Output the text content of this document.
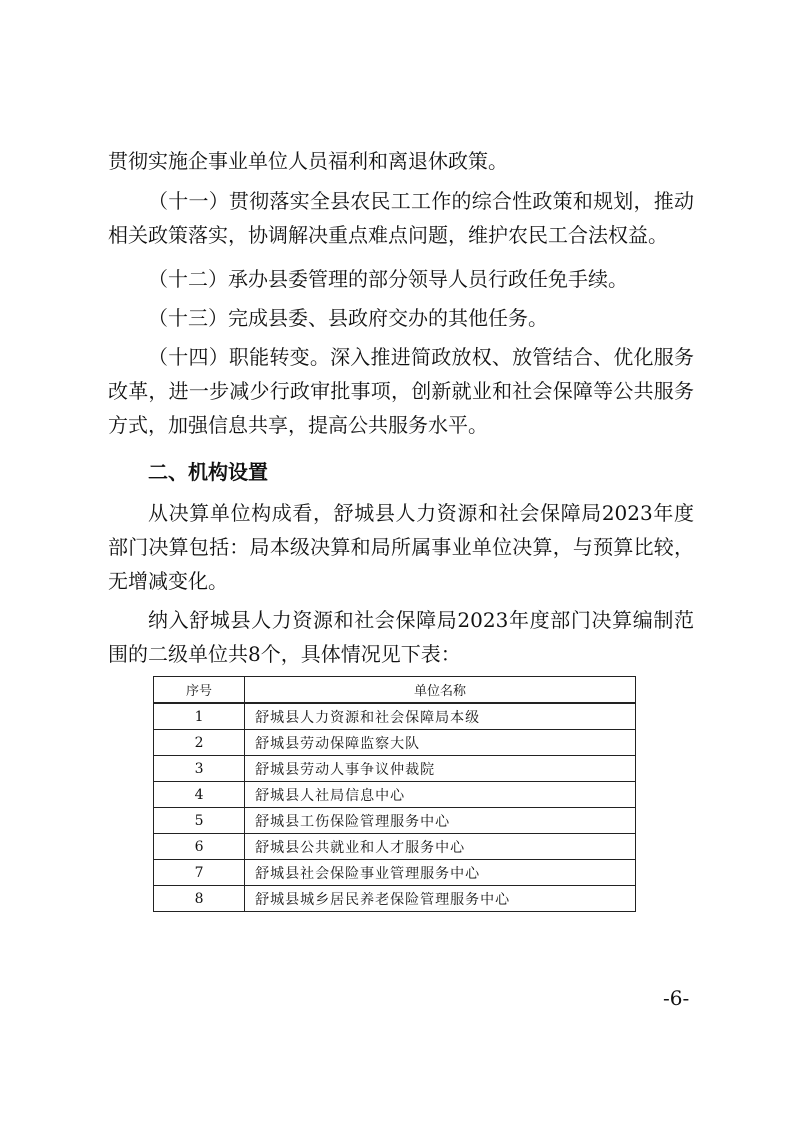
贯彻实施企事业单位人员福利和离退休政策。
（十一）贯彻落实全县农民工工作的综合性政策和规划，推动相关政策落实，协调解决重点难点问题，维护农民工合法权益。
（十二）承办县委管理的部分领导人员行政任免手续。
（十三）完成县委、县政府交办的其他任务。
（十四）职能转变。深入推进简政放权、放管结合、优化服务改革，进一步减少行政审批事项，创新就业和社会保障等公共服务方式，加强信息共享，提高公共服务水平。
二、机构设置
从决算单位构成看，舒城县人力资源和社会保障局2023年度部门决算包括：局本级决算和局所属事业单位决算，与预算比较，无增减变化。
纳入舒城县人力资源和社会保障局2023年度部门决算编制范围的二级单位共8个，具体情况见下表：
序号	单位名称
1	舒城县人力资源和社会保障局本级
2	舒城县劳动保障监察大队
3	舒城县劳动人事争议仲裁院
4	舒城县人社局信息中心
5	舒城县工伤保险管理服务中心
6	舒城县公共就业和人才服务中心
7	舒城县社会保险事业管理服务中心
8	舒城县城乡居民养老保险管理服务中心
-6-
